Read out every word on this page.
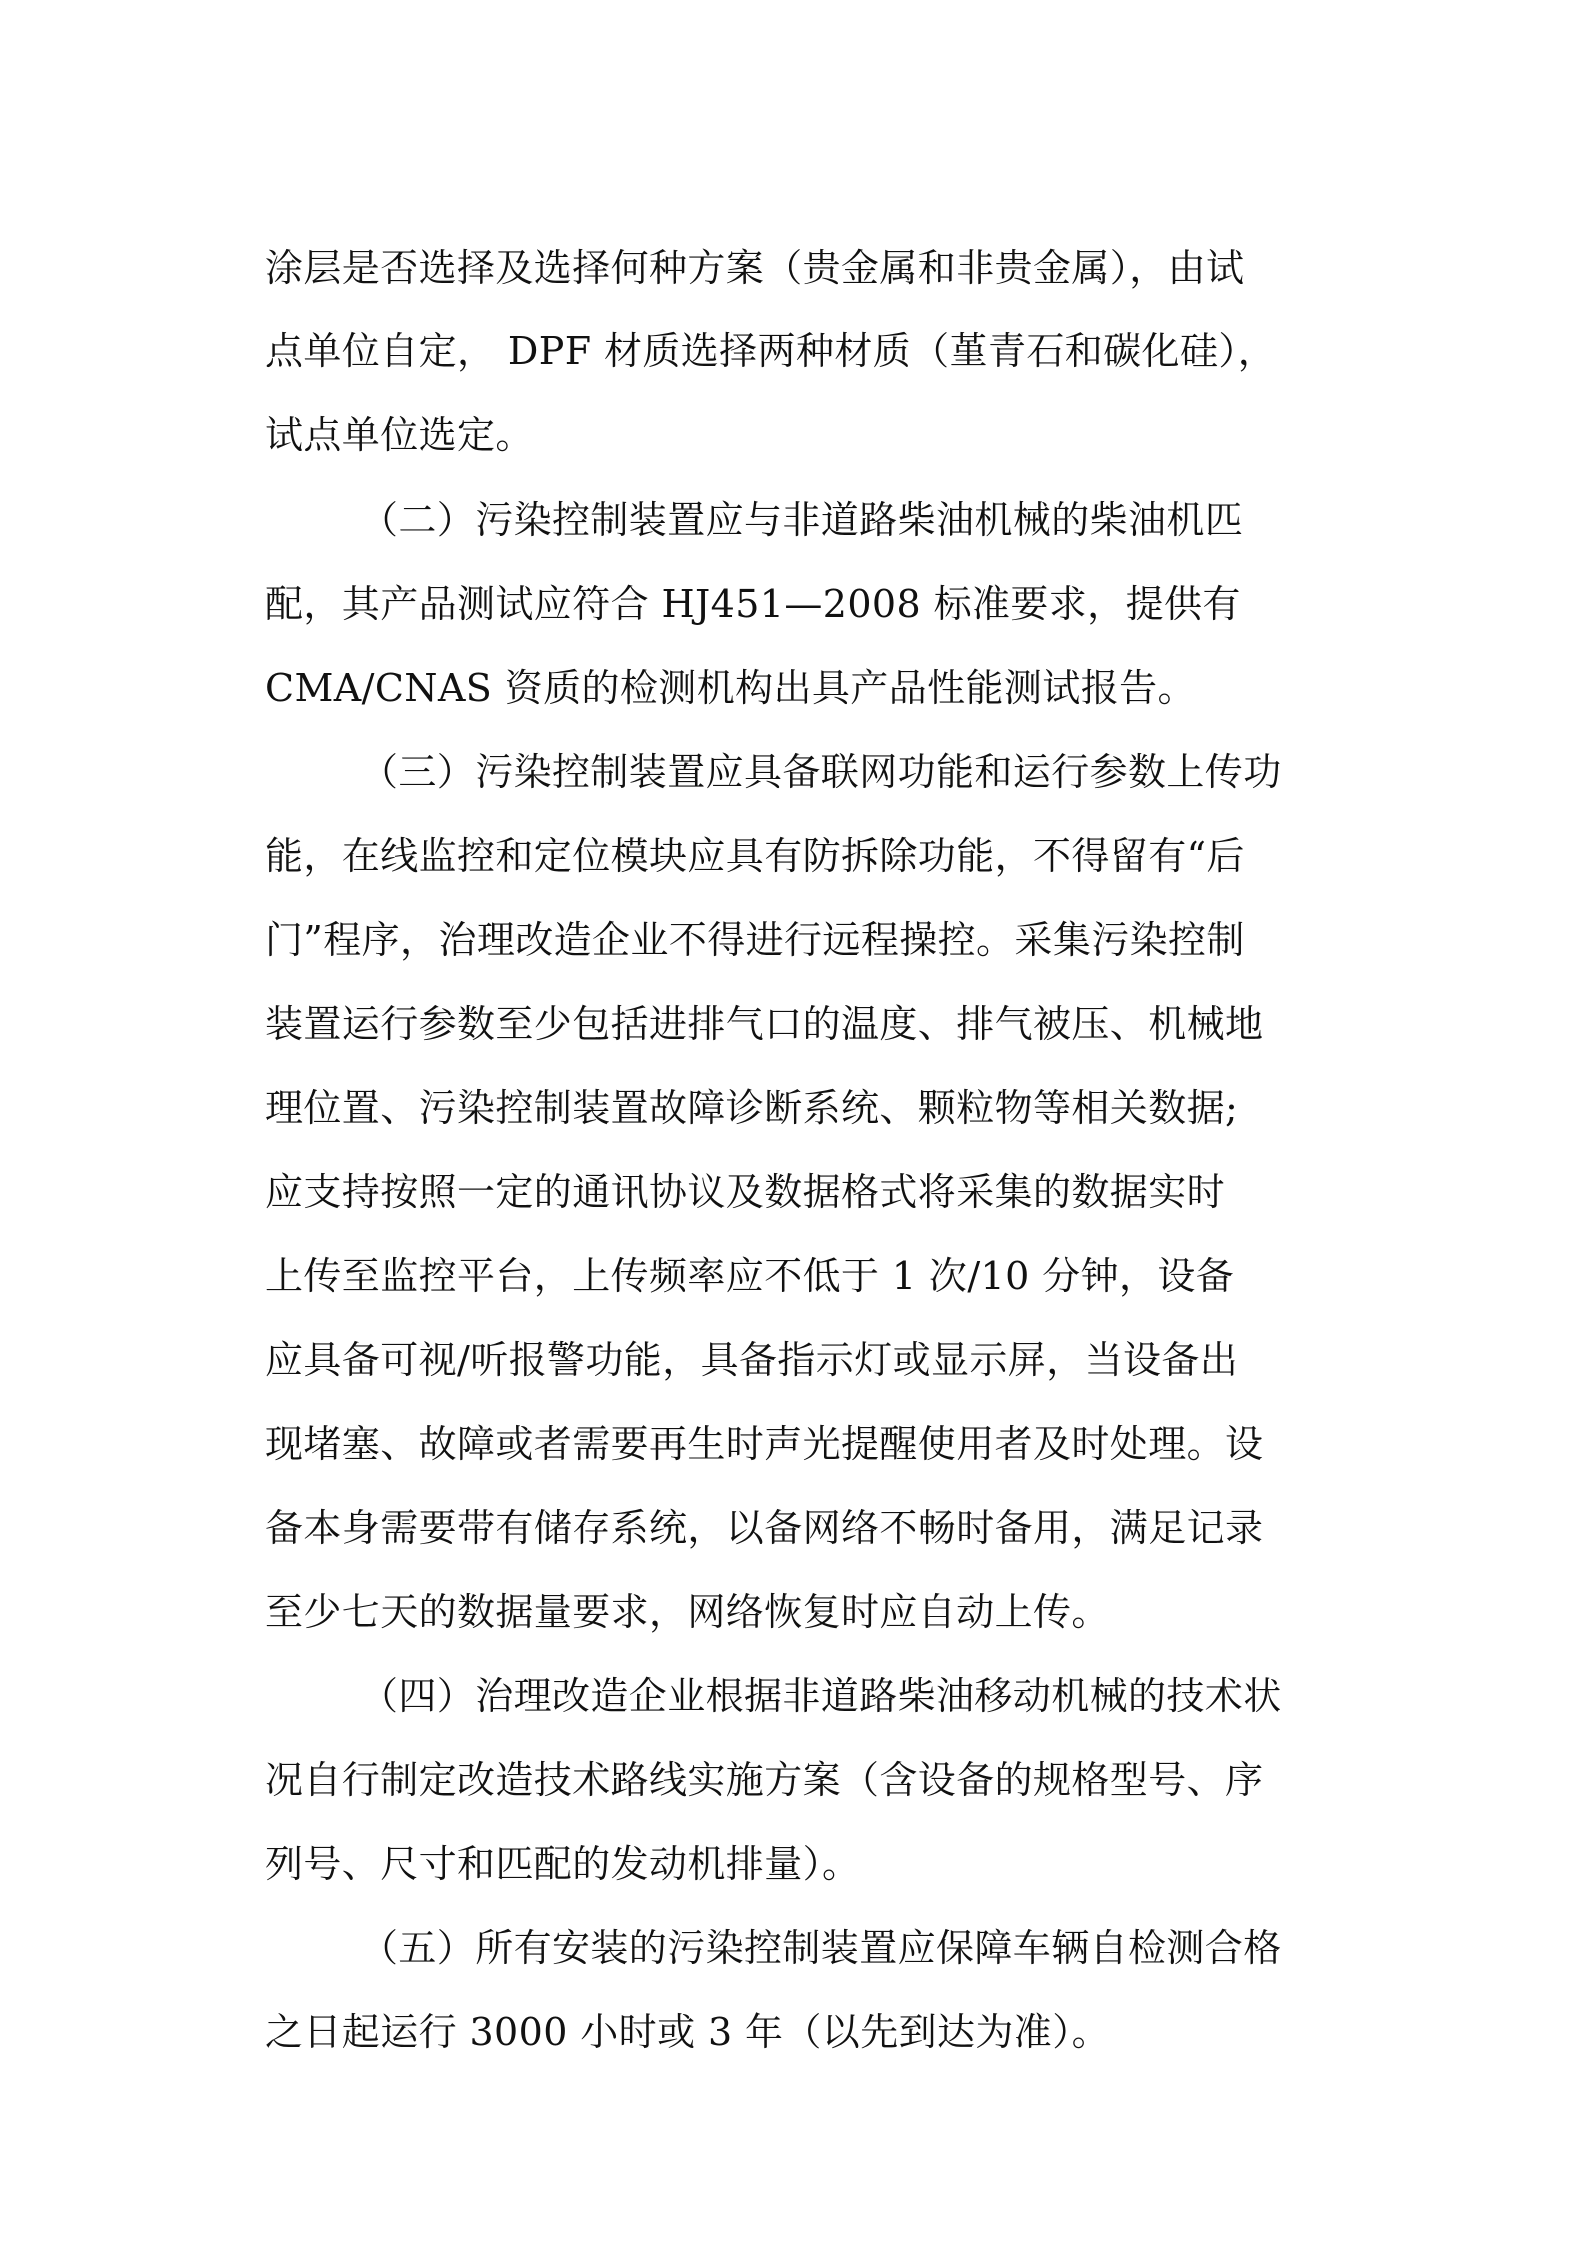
涂层是否选择及选择何种方案（贵金属和非贵金属），由试
点单位自定， DPF 材质选择两种材质（堇青石和碳化硅），
试点单位选定。
（二）污染控制装置应与非道路柴油机械的柴油机匹
配，其产品测试应符合 HJ451—2008 标准要求，提供有
CMA/CNAS 资质的检测机构出具产品性能测试报告。
（三）污染控制装置应具备联网功能和运行参数上传功
能，在线监控和定位模块应具有防拆除功能，不得留有“后
门”程序，治理改造企业不得进行远程操控。采集污染控制
装置运行参数至少包括进排气口的温度、排气被压、机械地
理位置、污染控制装置故障诊断系统、颗粒物等相关数据;
应支持按照一定的通讯协议及数据格式将采集的数据实时
上传至监控平台，上传频率应不低于 1 次/10 分钟，设备
应具备可视/听报警功能，具备指示灯或显示屏，当设备出
现堵塞、故障或者需要再生时声光提醒使用者及时处理。设
备本身需要带有储存系统，以备网络不畅时备用，满足记录
至少七天的数据量要求，网络恢复时应自动上传。
（四）治理改造企业根据非道路柴油移动机械的技术状
况自行制定改造技术路线实施方案（含设备的规格型号、序
列号、尺寸和匹配的发动机排量）。
（五）所有安装的污染控制装置应保障车辆自检测合格
之日起运行 3000 小时或 3 年（以先到达为准）。
